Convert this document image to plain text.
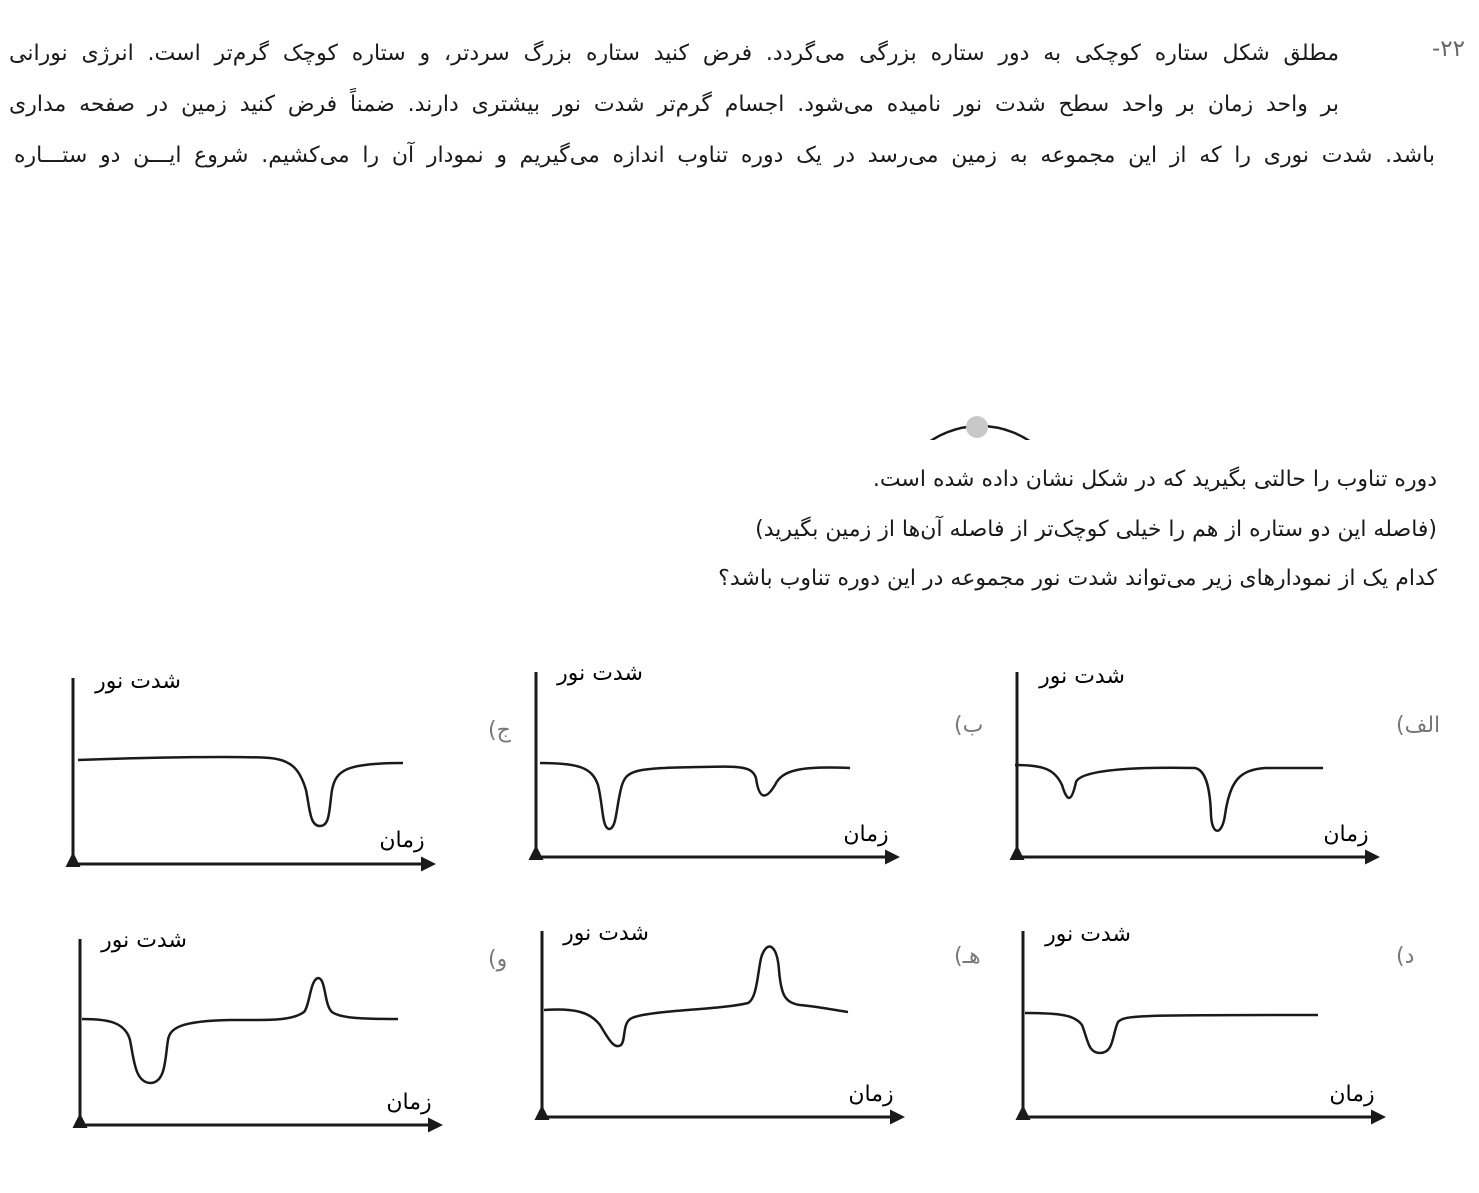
-۲۲
مطلق شکل ستاره کوچکی به دور ستاره بزرگی می‌گردد. فرض کنید ستاره بزرگ سردتر، و ستاره کوچک گرم‌تر است. انرژی نورانی
بر واحد زمان بر واحد سطح شدت نور نامیده می‌شود. اجسام گرم‌تر شدت نور بیشتری دارند. ضمناً فرض کنید زمین در صفحه مداری
باشد. شدت نوری را که از این مجموعه به زمین می‌رسد در یک دوره تناوب اندازه می‌گیریم و نمودار آن را می‌کشیم. شروع ایـــن دو ستـــاره
دوره تناوب را حالتی بگیرید که در شکل نشان داده شده است.
(فاصله این دو ستاره از هم را خیلی کوچک‌تر از فاصله آن‌ها از زمین بگیرید)
کدام یک از نمودارهای زیر می‌تواند شدت نور مجموعه در این دوره تناوب باشد؟
الف)
شدت نور
زمان
ب)
شدت نور
زمان
ج)
شدت نور
زمان
د)
شدت نور
زمان
هـ)
شدت نور
زمان
و)
شدت نور
زمان
